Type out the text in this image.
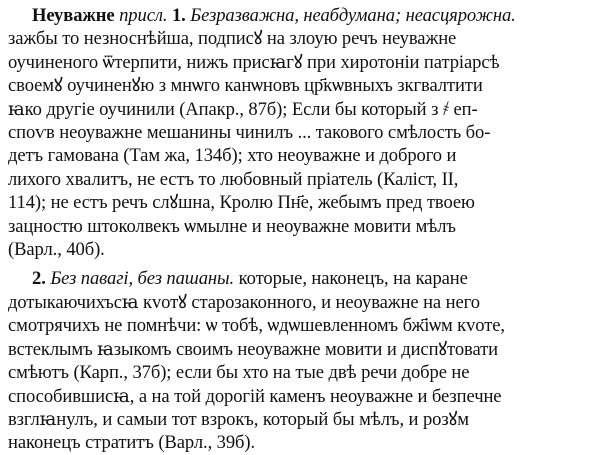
Неуважне присл. 1. Безразважна, неабдумана; неасцярожна.
зажбы то незноснѣйша, подписꙋ на злоую речъ неуважне
оучиненого ѿтерпити, нижъ присꙗгꙋ при хиротоніи патріарсѣ
своемꙋ оучиненꙋю з мнѡго канѡновъ цр҃кѡвныхъ зкгвалтити
ꙗко другіе оучинили (Апакр., 87б); Если бы который з ҂ еп-
споѵв неоуважне мешанины чинилъ ... такового смѣлость бо-
детъ гамована (Там жа, 134б); хто неоуважне и доброго и
лихого хвалитъ, не естъ то любовный пріатель (Каліст, II,
114); не естъ речъ слꙋшна, Кролю Пн҃е, жебымъ пред твоею
зацностю штоколвекъ ѡмылне и неоуважне мовити мѣлъ
(Варл., 40б).

2. Без павагі, без пашаны. которые, наконецъ, на каране
дотыкаючихъсꙗ кvотꙋ старозаконного, и неоуважне на него
смотрячихъ не помнѣчи: ѡ тобѣ, ѡдѡшевленномъ бж҃іѡм кvоте,
встеклымъ ꙗзыкомъ своимъ неоуважне мовити и диспꙋтовати
смѣютъ (Карп., 37б); если бы хто на тые двѣ речи добре не
способившисꙗ, а на той дорогій каменъ неоуважне и безпечне
взглꙗнулъ, и самыи тот взрокъ, который бы мѣлъ, и розꙋм
наконецъ стратитъ (Варл., 39б).
